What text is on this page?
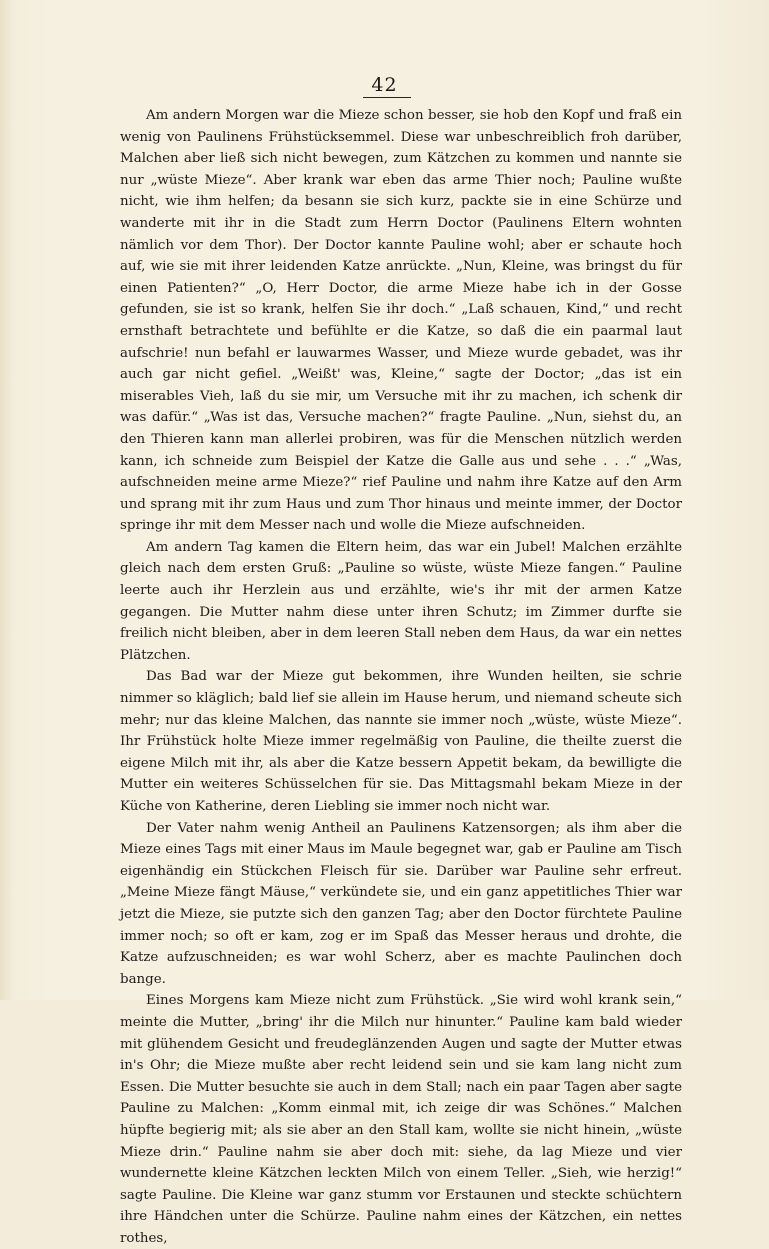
42

Am andern Morgen war die Mieze schon besser, sie hob den Kopf und fraß ein wenig von Paulinens Frühstücksemmel. Diese war unbeschreiblich froh darüber, Malchen aber ließ sich nicht bewegen, zum Kätzchen zu kommen und nannte sie nur „wüste Mieze“. Aber krank war eben das arme Thier noch; Pauline wußte nicht, wie ihm helfen; da besann sie sich kurz, packte sie in eine Schürze und wanderte mit ihr in die Stadt zum Herrn Doctor (Paulinens Eltern wohnten nämlich vor dem Thor). Der Doctor kannte Pauline wohl; aber er schaute hoch auf, wie sie mit ihrer leidenden Katze anrückte. „Nun, Kleine, was bringst du für einen Patienten?“ „O, Herr Doctor, die arme Mieze habe ich in der Gosse gefunden, sie ist so krank, helfen Sie ihr doch.“ „Laß schauen, Kind,“ und recht ernsthaft betrachtete und befühlte er die Katze, so daß die ein paarmal laut aufschrie! nun befahl er lauwarmes Wasser, und Mieze wurde gebadet, was ihr auch gar nicht gefiel. „Weißt' was, Kleine,“ sagte der Doctor; „das ist ein miserables Vieh, laß du sie mir, um Versuche mit ihr zu machen, ich schenk dir was dafür.“ „Was ist das, Versuche machen?“ fragte Pauline. „Nun, siehst du, an den Thieren kann man allerlei probiren, was für die Menschen nützlich werden kann, ich schneide zum Beispiel der Katze die Galle aus und sehe . . .“ „Was, aufschneiden meine arme Mieze?“ rief Pauline und nahm ihre Katze auf den Arm und sprang mit ihr zum Haus und zum Thor hinaus und meinte immer, der Doctor springe ihr mit dem Messer nach und wolle die Mieze aufschneiden.

Am andern Tag kamen die Eltern heim, das war ein Jubel! Malchen erzählte gleich nach dem ersten Gruß: „Pauline so wüste, wüste Mieze fangen.“ Pauline leerte auch ihr Herzlein aus und erzählte, wie's ihr mit der armen Katze gegangen. Die Mutter nahm diese unter ihren Schutz; im Zimmer durfte sie freilich nicht bleiben, aber in dem leeren Stall neben dem Haus, da war ein nettes Plätzchen.

Das Bad war der Mieze gut bekommen, ihre Wunden heilten, sie schrie nimmer so kläglich; bald lief sie allein im Hause herum, und niemand scheute sich mehr; nur das kleine Malchen, das nannte sie immer noch „wüste, wüste Mieze“. Ihr Frühstück holte Mieze immer regelmäßig von Pauline, die theilte zuerst die eigene Milch mit ihr, als aber die Katze bessern Appetit bekam, da bewilligte die Mutter ein weiteres Schüsselchen für sie. Das Mittagsmahl bekam Mieze in der Küche von Katherine, deren Liebling sie immer noch nicht war.

Der Vater nahm wenig Antheil an Paulinens Katzensorgen; als ihm aber die Mieze eines Tags mit einer Maus im Maule begegnet war, gab er Pauline am Tisch eigenhändig ein Stückchen Fleisch für sie. Darüber war Pauline sehr erfreut. „Meine Mieze fängt Mäuse,“ verkündete sie, und ein ganz appetitliches Thier war jetzt die Mieze, sie putzte sich den ganzen Tag; aber den Doctor fürchtete Pauline immer noch; so oft er kam, zog er im Spaß das Messer heraus und drohte, die Katze aufzuschneiden; es war wohl Scherz, aber es machte Paulinchen doch bange.

Eines Morgens kam Mieze nicht zum Frühstück. „Sie wird wohl krank sein,“ meinte die Mutter, „bring' ihr die Milch nur hinunter.“ Pauline kam bald wieder mit glühendem Gesicht und freudeglänzenden Augen und sagte der Mutter etwas in's Ohr; die Mieze mußte aber recht leidend sein und sie kam lang nicht zum Essen. Die Mutter besuchte sie auch in dem Stall; nach ein paar Tagen aber sagte Pauline zu Malchen: „Komm einmal mit, ich zeige dir was Schönes.“ Malchen hüpfte begierig mit; als sie aber an den Stall kam, wollte sie nicht hinein, „wüste Mieze drin.“ Pauline nahm sie aber doch mit: siehe, da lag Mieze und vier wundernette kleine Kätzchen leckten Milch von einem Teller. „Sieh, wie herzig!“ sagte Pauline. Die Kleine war ganz stumm vor Erstaunen und steckte schüchtern ihre Händchen unter die Schürze. Pauline nahm eines der Kätzchen, ein nettes rothes,
